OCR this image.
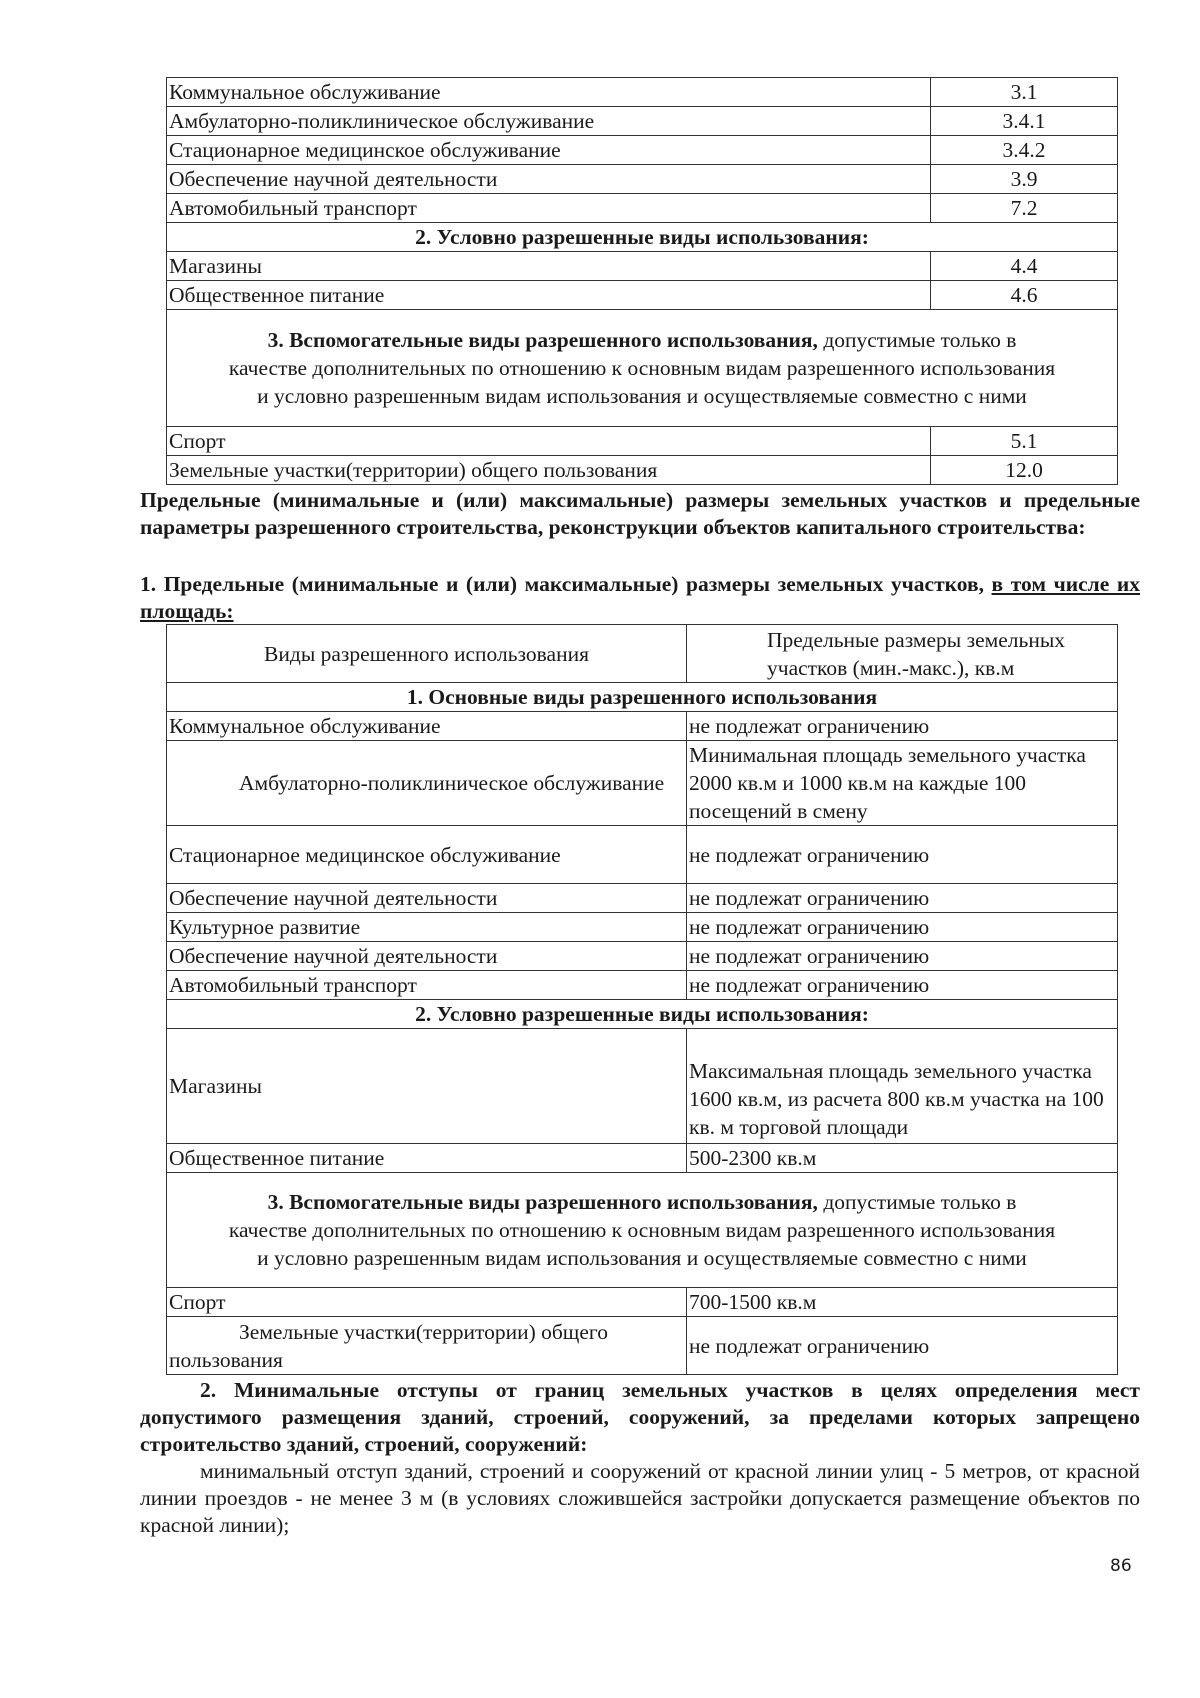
Коммунальное обслуживание	3.1
Амбулаторно-поликлиническое обслуживание	3.4.1
Стационарное медицинское обслуживание	3.4.2
Обеспечение научной деятельности	3.9
Автомобильный транспорт	7.2
2. Условно разрешенные виды использования:	
Магазины	4.4
Общественное питание	4.6

3. Вспомогательные виды разрешенного использования, допустимые только в
качестве дополнительных по отношению к основным видам разрешенного использования
и условно разрешенным видам использования и осуществляемые совместно с ними	

Спорт	5.1
Земельные участки(территории) общего пользования	12.0
Предельные (минимальные и (или) максимальные) размеры земельных участков и предельные параметры разрешенного строительства, реконструкции объектов капитального строительства:
1. Предельные (минимальные и (или) максимальные) размеры земельных участков, в том числе их площадь:
Виды разрешенного использования	Предельные размеры земельных участков (мин.-макс.), кв.м
1. Основные виды разрешенного использования	
Коммунальное обслуживание	не подлежат ограничению
Амбулаторно-поликлиническое обслуживание	Минимальная площадь земельного участка 2000 кв.м и 1000 кв.м на каждые 100 посещений в смену
Стационарное медицинское обслуживание	не подлежат ограничению
Обеспечение научной деятельности	не подлежат ограничению
Культурное развитие	не подлежат ограничению
Обеспечение научной деятельности	не подлежат ограничению
Автомобильный транспорт	не подлежат ограничению
2. Условно разрешенные виды использования:	
Магазины	Максимальная площадь земельного участка 1600 кв.м, из расчета 800 кв.м участка на 100 кв. м торговой площади
Общественное питание	500-2300 кв.м

3. Вспомогательные виды разрешенного использования, допустимые только в
качестве дополнительных по отношению к основным видам разрешенного использования
и условно разрешенным видам использования и осуществляемые совместно с ними	

Спорт	700-1500 кв.м
Земельные участки(территории) общего пользования	не подлежат ограничению
2. Минимальные отступы от границ земельных участков в целях определения мест допустимого размещения зданий, строений, сооружений, за пределами которых запрещено строительство зданий, строений, сооружений:
минимальный отступ зданий, строений и сооружений от красной линии улиц - 5 метров, от красной линии проездов - не менее 3 м (в условиях сложившейся застройки допускается размещение объектов по красной линии);
86
